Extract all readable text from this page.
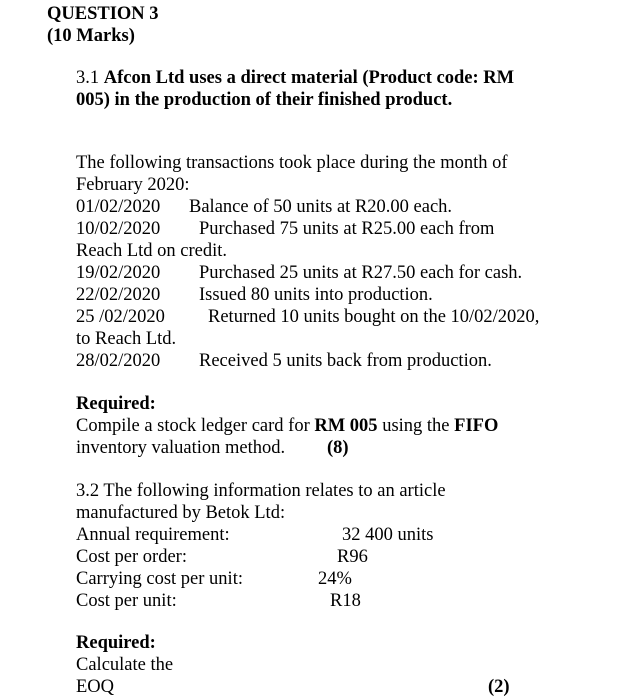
QUESTION 3
(10 Marks)
3.1 Afcon Ltd uses a direct material (Product code: RM
005) in the production of their finished product.
The following transactions took place during the month of
February 2020:
01/02/2020 Balance of 50 units at R20.00 each.
10/02/2020 Purchased 75 units at R25.00 each from
Reach Ltd on credit.
19/02/2020 Purchased 25 units at R27.50 each for cash.
22/02/2020 Issued 80 units into production.
25 /02/2020 Returned 10 units bought on the 10/02/2020,
to Reach Ltd.
28/02/2020 Received 5 units back from production.
Required:
Compile a stock ledger card for RM 005 using the FIFO
inventory valuation method. (8)
3.2 The following information relates to an article
manufactured by Betok Ltd:
Annual requirement:	32 400 units
Cost per order:	R96
Carrying cost per unit:	24%
Cost per unit:	R18
Required:
Calculate the
EOQ	(2)
